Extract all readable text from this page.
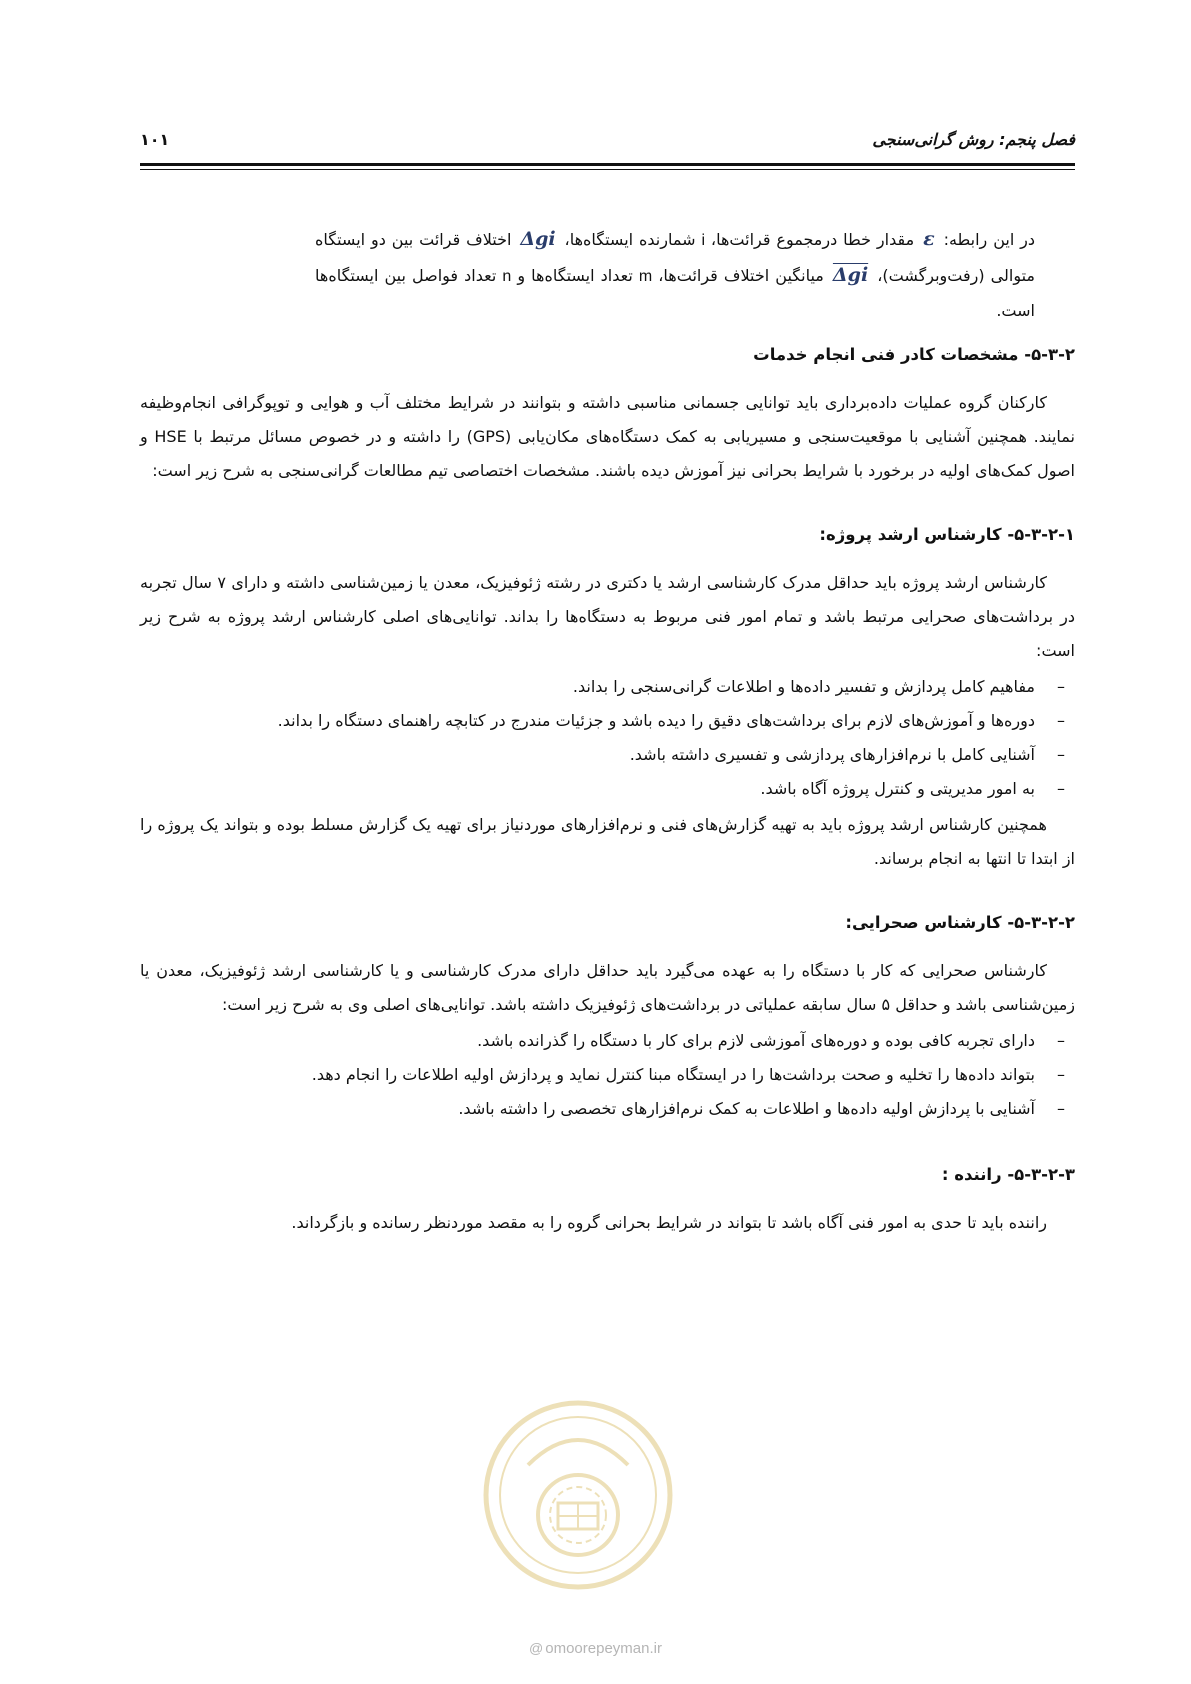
فصل پنجم: روش گرانی‌سنجی
۱۰۱

در این رابطه: ε مقدار خطا درمجموع قرائت‌ها، i شمارنده ایستگاه‌ها، Δgi اختلاف قرائت بین دو ایستگاه متوالی (رفت‌وبرگشت)، Δgi میانگین اختلاف قرائت‌ها، m تعداد ایستگاه‌ها و n تعداد فواصل بین ایستگاه‌ها است.

۵-۳-۲- مشخصات کادر فنی انجام خدمات

کارکنان گروه عملیات داده‌برداری باید توانایی جسمانی مناسبی داشته و بتوانند در شرایط مختلف آب و هوایی و توپوگرافی انجام‌وظیفه نمایند. همچنین آشنایی با موقعیت‌سنجی و مسیریابی به کمک دستگاه‌های مکان‌یابی (GPS) را داشته و در خصوص مسائل مرتبط با HSE و اصول کمک‌های اولیه در برخورد با شرایط بحرانی نیز آموزش دیده باشند. مشخصات اختصاصی تیم مطالعات گرانی‌سنجی به شرح زیر است:

۵-۳-۲-۱- کارشناس ارشد پروژه:

کارشناس ارشد پروژه باید حداقل مدرک کارشناسی ارشد یا دکتری در رشته ژئوفیزیک، معدن یا زمین‌شناسی داشته و دارای ۷ سال تجربه در برداشت‌های صحرایی مرتبط باشد و تمام امور فنی مربوط به دستگاه‌ها را بداند. توانایی‌های اصلی کارشناس ارشد پروژه به شرح زیر است:

–
مفاهیم کامل پردازش و تفسیر داده‌ها و اطلاعات گرانی‌سنجی را بداند.
–
دوره‌ها و آموزش‌های لازم برای برداشت‌های دقیق را دیده باشد و جزئیات مندرج در کتابچه راهنمای دستگاه را بداند.
–
آشنایی کامل با نرم‌افزارهای پردازشی و تفسیری داشته باشد.
–
به امور مدیریتی و کنترل پروژه آگاه باشد.

همچنین کارشناس ارشد پروژه باید به تهیه گزارش‌های فنی و نرم‌افزارهای موردنیاز برای تهیه یک گزارش مسلط بوده و بتواند یک پروژه را از ابتدا تا انتها به انجام برساند.

۵-۳-۲-۲- کارشناس صحرایی:

کارشناس صحرایی که کار با دستگاه را به عهده می‌گیرد باید حداقل دارای مدرک کارشناسی و یا کارشناسی ارشد ژئوفیزیک، معدن یا زمین‌شناسی باشد و حداقل ۵ سال سابقه عملیاتی در برداشت‌های ژئوفیزیک داشته باشد. توانایی‌های اصلی وی به شرح زیر است:

–
دارای تجربه کافی بوده و دوره‌های آموزشی لازم برای کار با دستگاه را گذرانده باشد.
–
بتواند داده‌ها را تخلیه و صحت برداشت‌ها را در ایستگاه مبنا کنترل نماید و پردازش اولیه اطلاعات را انجام دهد.
–
آشنایی با پردازش اولیه داده‌ها و اطلاعات به کمک نرم‌افزارهای تخصصی را داشته باشد.
۵-۳-۲-۳- راننده :

راننده باید تا حدی به امور فنی آگاه باشد تا بتواند در شرایط بحرانی گروه را به مقصد موردنظر رسانده و بازگرداند.

@ omoorepeyman.ir
